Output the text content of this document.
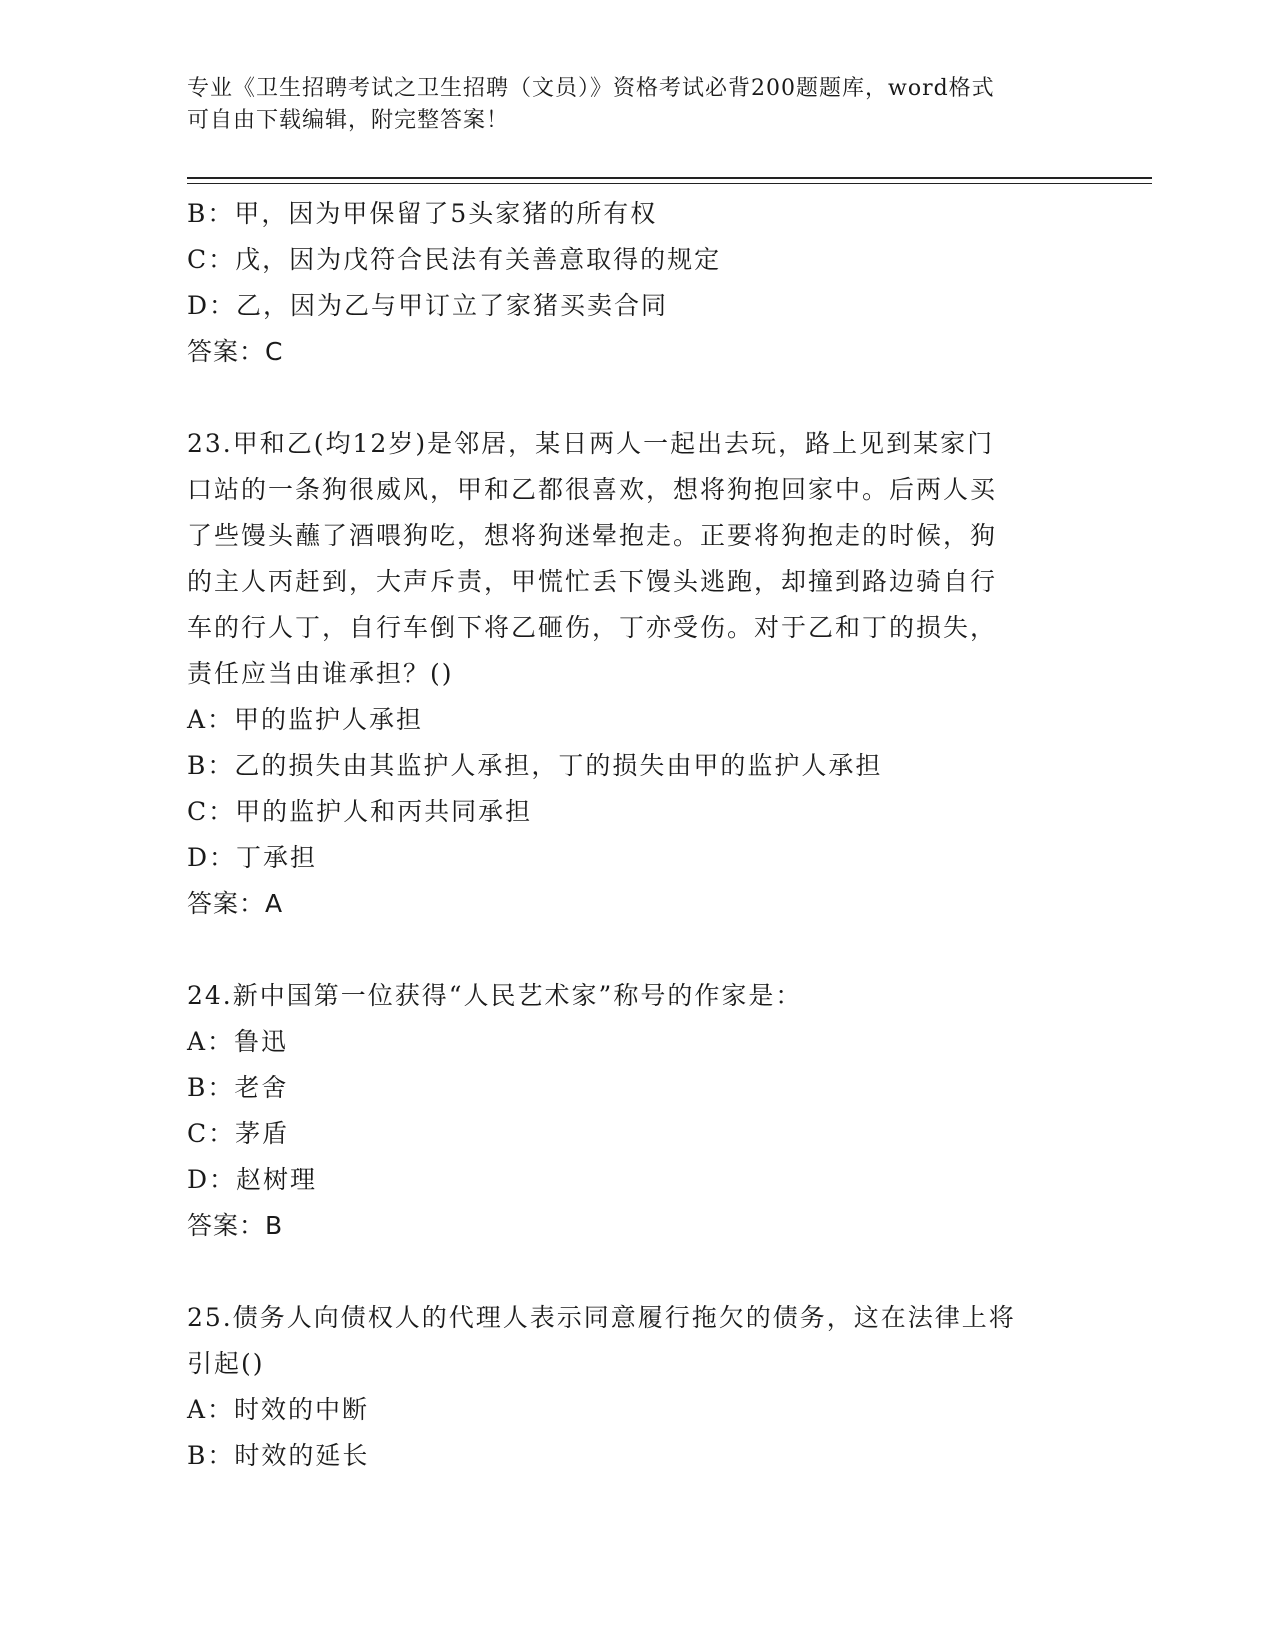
专业《卫生招聘考试之卫生招聘（文员）》资格考试必背200题题库，word格式
可自由下载编辑，附完整答案！
B：甲，因为甲保留了5头家猪的所有权
C：戊，因为戊符合民法有关善意取得的规定
D：乙，因为乙与甲订立了家猪买卖合同
答案：C
23.甲和乙(均12岁)是邻居，某日两人一起出去玩，路上见到某家门
口站的一条狗很威风，甲和乙都很喜欢，想将狗抱回家中。后两人买
了些馒头蘸了酒喂狗吃，想将狗迷晕抱走。正要将狗抱走的时候，狗
的主人丙赶到，大声斥责，甲慌忙丢下馒头逃跑，却撞到路边骑自行
车的行人丁，自行车倒下将乙砸伤，丁亦受伤。对于乙和丁的损失，
责任应当由谁承担？()
A：甲的监护人承担
B：乙的损失由其监护人承担，丁的损失由甲的监护人承担
C：甲的监护人和丙共同承担
D：丁承担
答案：A
24.新中国第一位获得“人民艺术家”称号的作家是：
A：鲁迅
B：老舍
C：茅盾
D：赵树理
答案：B
25.债务人向债权人的代理人表示同意履行拖欠的债务，这在法律上将
引起()
A：时效的中断
B：时效的延长
